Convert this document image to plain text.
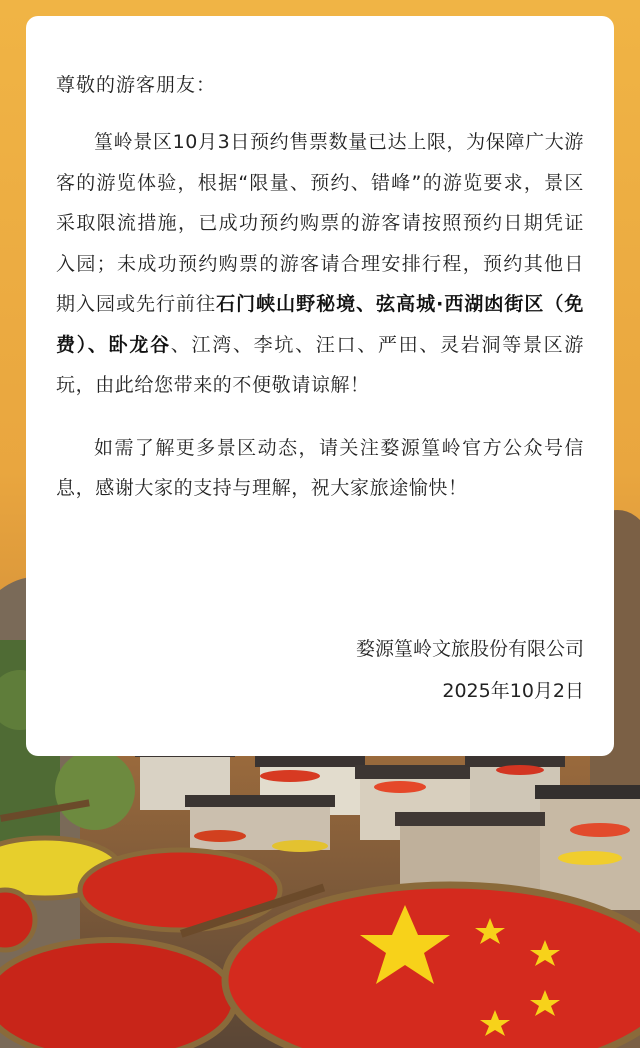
尊敬的游客朋友：

篁岭景区10月3日预约售票数量已达上限，为保障广大游客的游览体验，根据“限量、预约、错峰”的游览要求，景区采取限流措施，已成功预约购票的游客请按照预约日期凭证入园；未成功预约购票的游客请合理安排行程，预约其他日期入园或先行前往石门峡山野秘境、弦高城·西湖凼街区（免费）、卧龙谷、江湾、李坑、汪口、严田、灵岩洞等景区游玩，由此给您带来的不便敬请谅解！

如需了解更多景区动态，请关注婺源篁岭官方公众号信息，感谢大家的支持与理解，祝大家旅途愉快！

婺源篁岭文旅股份有限公司
2025年10月2日
